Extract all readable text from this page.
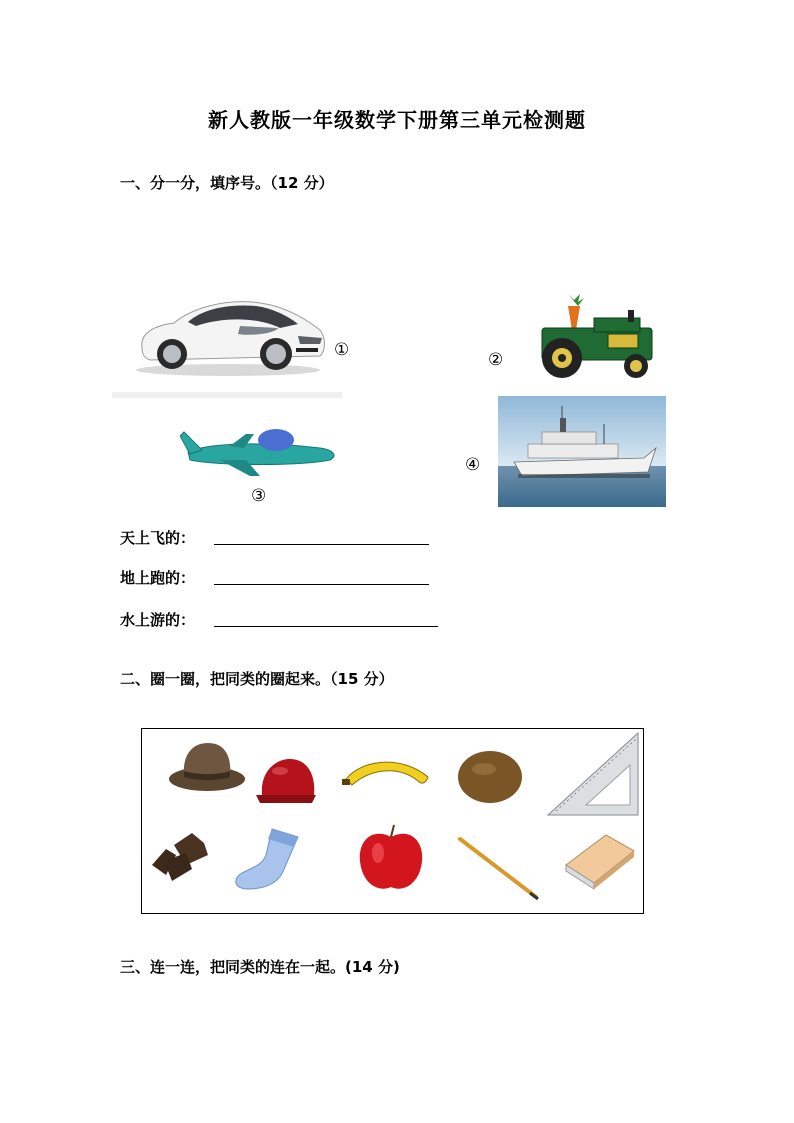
新人教版一年级数学下册第三单元检测题
一、分一分，填序号。（12 分）
①	②
③
④
天上飞的：
地上跑的：
水上游的：
二、圈一圈，把同类的圈起来。（15 分）
三、连一连，把同类的连在一起。(14 分)
